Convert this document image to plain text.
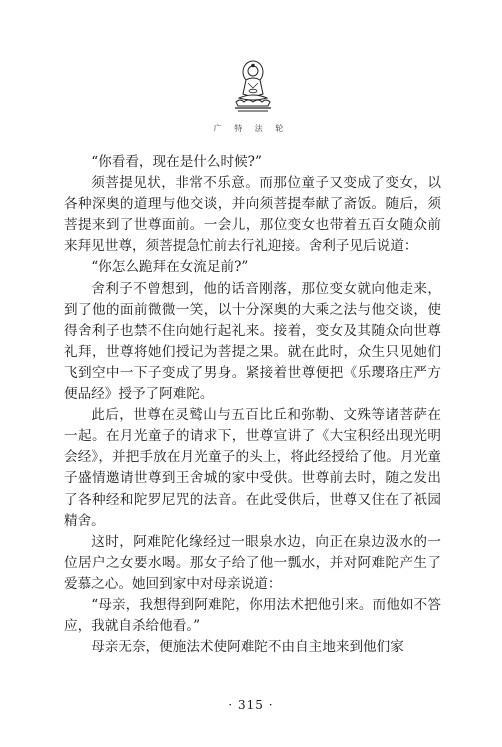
广 特 法 轮

“你看看，现在是什么时候?”

须菩提见状，非常不乐意。而那位童子又变成了变女，以各种深奥的道理与他交谈，并向须菩提奉献了斋饭。随后，须菩提来到了世尊面前。一会儿，那位变女也带着五百女随众前来拜见世尊，须菩提急忙前去行礼迎接。舍利子见后说道：

“你怎么跪拜在女流足前?”

舍利子不曾想到，他的话音刚落，那位变女就向他走来，到了他的面前微微一笑，以十分深奥的大乘之法与他交谈，使得舍利子也禁不住向她行起礼来。接着，变女及其随众向世尊礼拜，世尊将她们授记为菩提之果。就在此时，众生只见她们飞到空中一下子变成了男身。紧接着世尊便把《乐璎珞庄严方便品经》授予了阿难陀。

此后，世尊在灵鹫山与五百比丘和弥勒、文殊等诸菩萨在一起。在月光童子的请求下，世尊宣讲了《大宝积经出现光明会经》，并把手放在月光童子的头上，将此经授给了他。月光童子盛情邀请世尊到王舍城的家中受供。世尊前去时，随之发出了各种经和陀罗尼咒的法音。在此受供后，世尊又住在了祇园精舍。

这时，阿难陀化缘经过一眼泉水边，向正在泉边汲水的一位居户之女要水喝。那女子给了他一瓢水，并对阿难陀产生了爱慕之心。她回到家中对母亲说道：

“母亲，我想得到阿难陀，你用法术把他引来。而他如不答应，我就自杀给他看。”

母亲无奈，便施法术使阿难陀不由自主地来到他们家

· 315 ·
